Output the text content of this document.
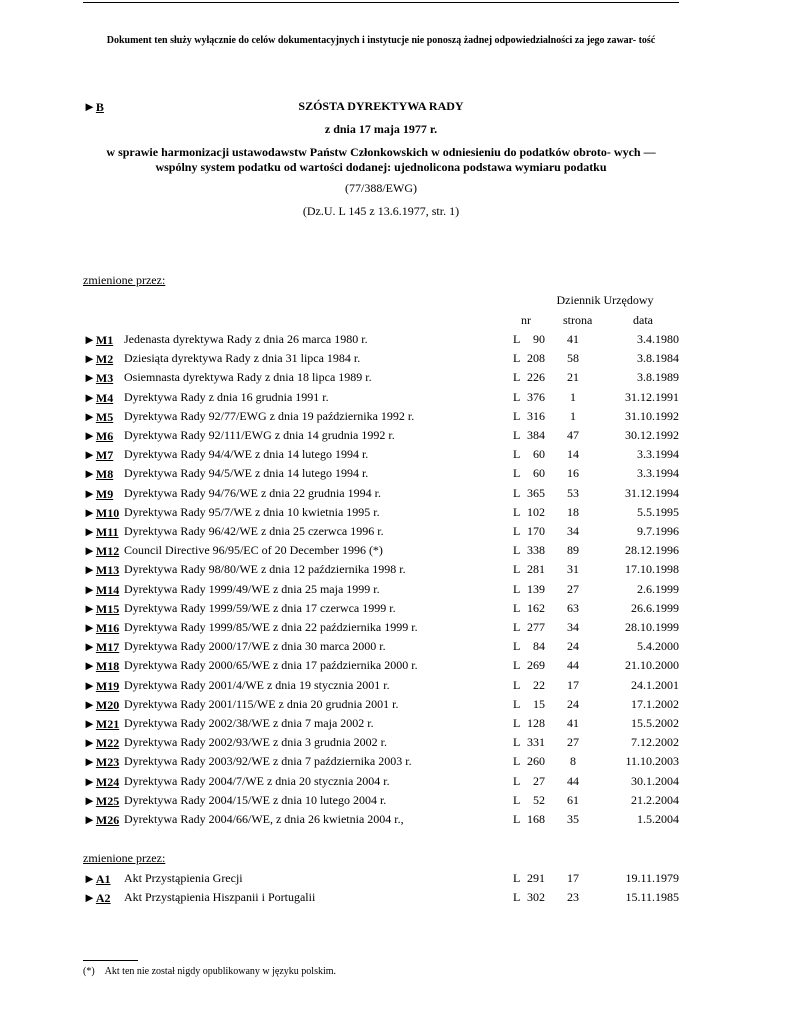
Dokument ten służy wyłącznie do celów dokumentacyjnych i instytucje nie ponoszą żadnej odpowiedzialności za jego zawar- tość
►B	SZÓSTA DYREKTYWA RADY
z dnia 17 maja 1977 r.
w sprawie harmonizacji ustawodawstw Państw Członkowskich w odniesieniu do podatków obroto- wych — wspólny system podatku od wartości dodanej: ujednolicona podstawa wymiaru podatku
(77/388/EWG)
(Dz.U. L 145 z 13.6.1977, str. 1)
zmienione przez:
Dziennik Urzędowy
nr	strona	data
►M1 Jedenasta dyrektywa Rady z dnia 26 marca 1980 r.	L	90	41	3.4.1980
►M2 Dziesiąta dyrektywa Rady z dnia 31 lipca 1984 r.	L 208	58	3.8.1984
►M3 Osiemnasta dyrektywa Rady z dnia 18 lipca 1989 r.	L 226	21	3.8.1989
►M4 Dyrektywa Rady z dnia 16 grudnia 1991 r.	L 376	1	31.12.1991
►M5 Dyrektywa Rady 92/77/EWG z dnia 19 października 1992 r.	L 316	1	31.10.1992
►M6 Dyrektywa Rady 92/111/EWG z dnia 14 grudnia 1992 r.	L 384	47	30.12.1992
►M7 Dyrektywa Rady 94/4/WE z dnia 14 lutego 1994 r.	L	60	14	3.3.1994
►M8 Dyrektywa Rady 94/5/WE z dnia 14 lutego 1994 r.	L	60	16	3.3.1994
►M9 Dyrektywa Rady 94/76/WE z dnia 22 grudnia 1994 r.	L 365	53	31.12.1994
►M10 Dyrektywa Rady 95/7/WE z dnia 10 kwietnia 1995 r.	L 102	18	5.5.1995
►M11 Dyrektywa Rady 96/42/WE z dnia 25 czerwca 1996 r.	L 170	34	9.7.1996
►M12 Council Directive 96/95/EC of 20 December 1996 (*)	L 338	89	28.12.1996
►M13 Dyrektywa Rady 98/80/WE z dnia 12 października 1998 r.	L 281	31	17.10.1998
►M14 Dyrektywa Rady 1999/49/WE z dnia 25 maja 1999 r.	L 139	27	2.6.1999
►M15 Dyrektywa Rady 1999/59/WE z dnia 17 czerwca 1999 r.	L 162	63	26.6.1999
►M16 Dyrektywa Rady 1999/85/WE z dnia 22 października 1999 r.	L 277	34	28.10.1999
►M17 Dyrektywa Rady 2000/17/WE z dnia 30 marca 2000 r.	L	84	24	5.4.2000
►M18 Dyrektywa Rady 2000/65/WE z dnia 17 października 2000 r.	L 269	44	21.10.2000
►M19 Dyrektywa Rady 2001/4/WE z dnia 19 stycznia 2001 r.	L	22	17	24.1.2001
►M20 Dyrektywa Rady 2001/115/WE z dnia 20 grudnia 2001 r.	L	15	24	17.1.2002
►M21 Dyrektywa Rady 2002/38/WE z dnia 7 maja 2002 r.	L 128	41	15.5.2002
►M22 Dyrektywa Rady 2002/93/WE z dnia 3 grudnia 2002 r.	L 331	27	7.12.2002
►M23 Dyrektywa Rady 2003/92/WE z dnia 7 października 2003 r.	L 260	8	11.10.2003
►M24 Dyrektywa Rady 2004/7/WE z dnia 20 stycznia 2004 r.	L	27	44	30.1.2004
►M25 Dyrektywa Rady 2004/15/WE z dnia 10 lutego 2004 r.	L	52	61	21.2.2004
►M26 Dyrektywa Rady 2004/66/WE, z dnia 26 kwietnia 2004 r.,	L 168	35	1.5.2004
zmienione przez:
►A1 Akt Przystąpienia Grecji	L 291	17	19.11.1979
►A2 Akt Przystąpienia Hiszpanii i Portugalii	L 302	23	15.11.1985
(*) Akt ten nie został nigdy opublikowany w języku polskim.
